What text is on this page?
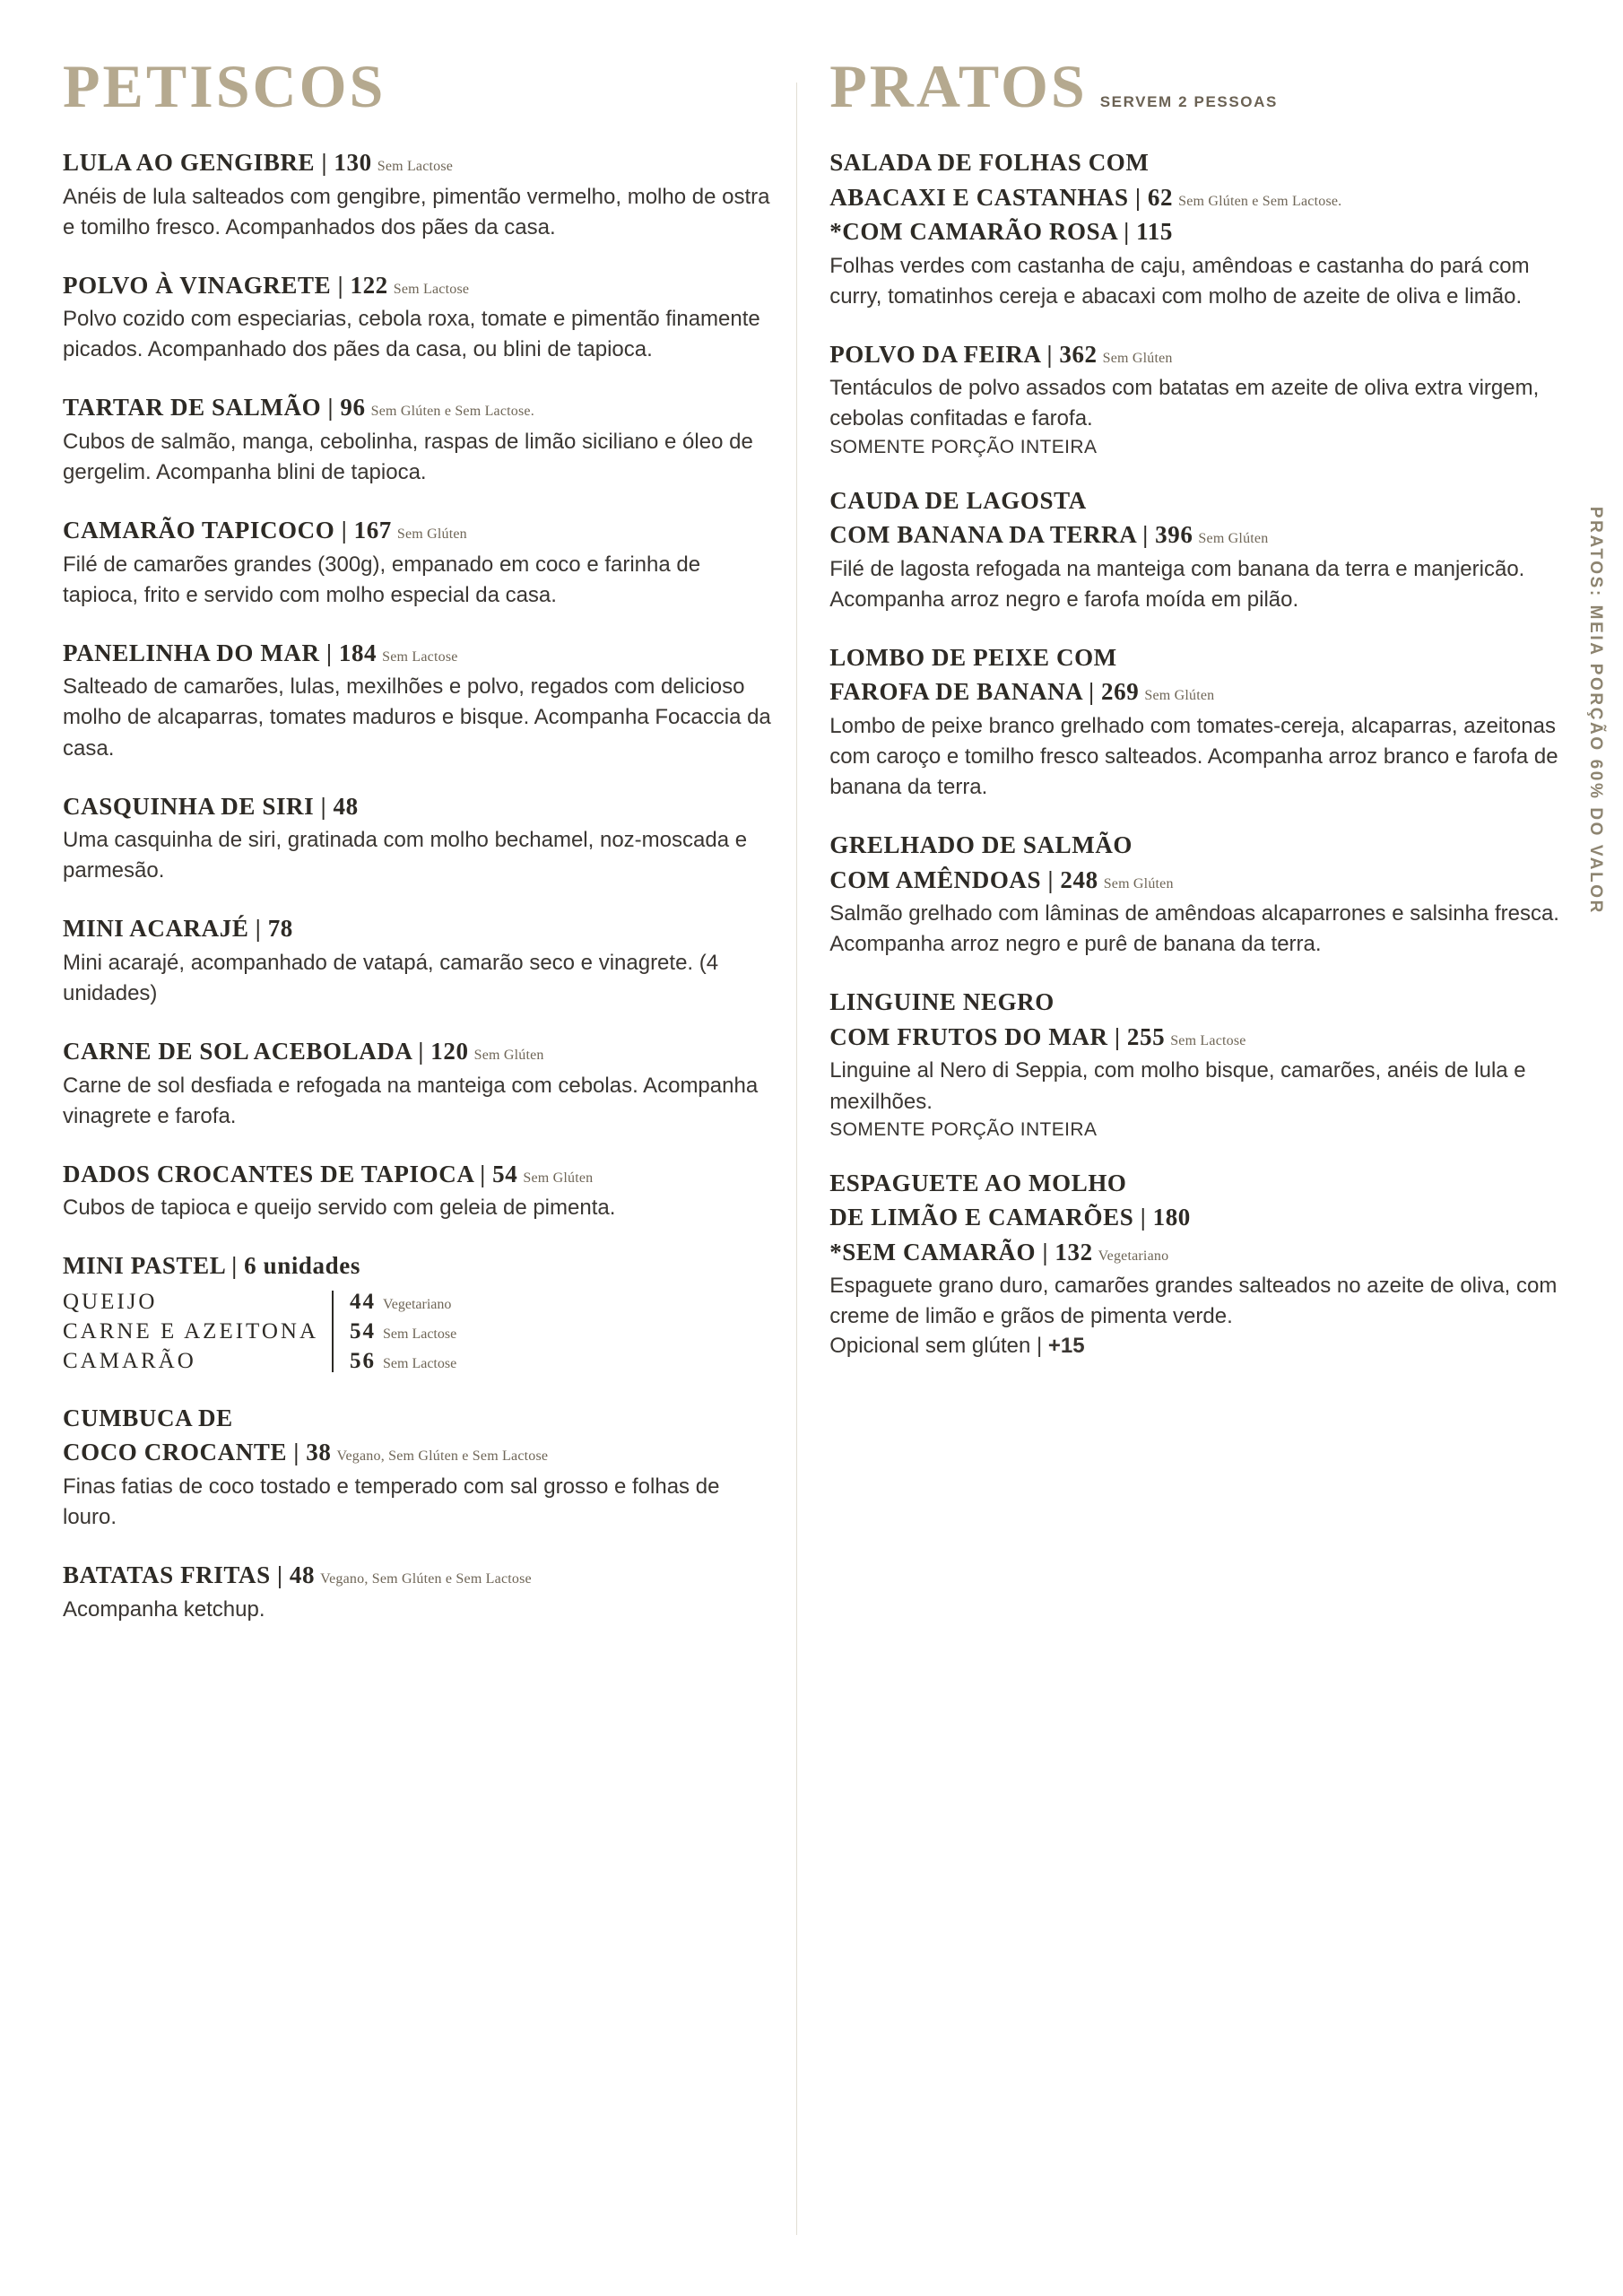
PETISCOS
LULA AO GENGIBRE | 130 Sem Lactose

Anéis de lula salteados com gengibre, pimentão vermelho, molho de ostra e tomilho fresco. Acompanhados dos pães da casa.

POLVO À VINAGRETE | 122 Sem Lactose

Polvo cozido com especiarias, cebola roxa, tomate e pimentão finamente picados. Acompanhado dos pães da casa, ou blini de tapioca.

TARTAR DE SALMÃO | 96 Sem Glúten e Sem Lactose.

Cubos de salmão, manga, cebolinha, raspas de limão siciliano e óleo de gergelim. Acompanha blini de tapioca.

CAMARÃO TAPICOCO | 167 Sem Glúten

Filé de camarões grandes (300g), empanado em coco e farinha de tapioca, frito e servido com molho especial da casa.

PANELINHA DO MAR | 184 Sem Lactose

Salteado de camarões, lulas, mexilhões e polvo, regados com delicioso molho de alcaparras, tomates maduros e bisque. Acompanha Focaccia da casa.

CASQUINHA DE SIRI | 48

Uma casquinha de siri, gratinada com molho bechamel, noz-moscada e parmesão.

MINI ACARAJÉ | 78

Mini acarajé, acompanhado de vatapá, camarão seco e vinagrete. (4 unidades)

CARNE DE SOL ACEBOLADA | 120 Sem Glúten

Carne de sol desfiada e refogada na manteiga com cebolas. Acompanha vinagrete e farofa.

DADOS CROCANTES DE TAPIOCA | 54 Sem Glúten

Cubos de tapioca e queijo servido com geleia de pimenta.

MINI PASTEL | 6 unidades
QUEIJO
CARNE E AZEITONA
CAMARÃO
44 Vegetariano
54 Sem Lactose
56 Sem Lactose
CUMBUCA DE
COCO CROCANTE | 38 Vegano, Sem Glúten e Sem Lactose

Finas fatias de coco tostado e temperado com sal grosso e folhas de louro.

BATATAS FRITAS | 48 Vegano, Sem Glúten e Sem Lactose

Acompanha ketchup.

PRATOS SERVEM 2 PESSOAS
SALADA DE FOLHAS COM
ABACAXI E CASTANHAS | 62 Sem Glúten e Sem Lactose.
*COM CAMARÃO ROSA | 115

Folhas verdes com castanha de caju, amêndoas e castanha do pará com curry, tomatinhos cereja e abacaxi com molho de azeite de oliva e limão.

POLVO DA FEIRA | 362 Sem Glúten

Tentáculos de polvo assados com batatas em azeite de oliva extra virgem, cebolas confitadas e farofa.

SOMENTE PORÇÃO INTEIRA
CAUDA DE LAGOSTA
COM BANANA DA TERRA | 396 Sem Glúten

Filé de lagosta refogada na manteiga com banana da terra e manjericão. Acompanha arroz negro e farofa moída em pilão.

LOMBO DE PEIXE COM
FAROFA DE BANANA | 269 Sem Glúten

Lombo de peixe branco grelhado com tomates-cereja, alcaparras, azeitonas com caroço e tomilho fresco salteados. Acompanha arroz branco e farofa de banana da terra.

GRELHADO DE SALMÃO
COM AMÊNDOAS | 248 Sem Glúten

Salmão grelhado com lâminas de amêndoas alcaparrones e salsinha fresca. Acompanha arroz negro e purê de banana da terra.

LINGUINE NEGRO
COM FRUTOS DO MAR | 255 Sem Lactose

Linguine al Nero di Seppia, com molho bisque, camarões, anéis de lula e mexilhões.

SOMENTE PORÇÃO INTEIRA
ESPAGUETE AO MOLHO
DE LIMÃO E CAMARÕES | 180
*SEM CAMARÃO | 132 Vegetariano

Espaguete grano duro, camarões grandes salteados no azeite de oliva, com creme de limão e grãos de pimenta verde.

Opicional sem glúten | +15
PRATOS: MEIA PORÇÃO 60% DO VALOR
